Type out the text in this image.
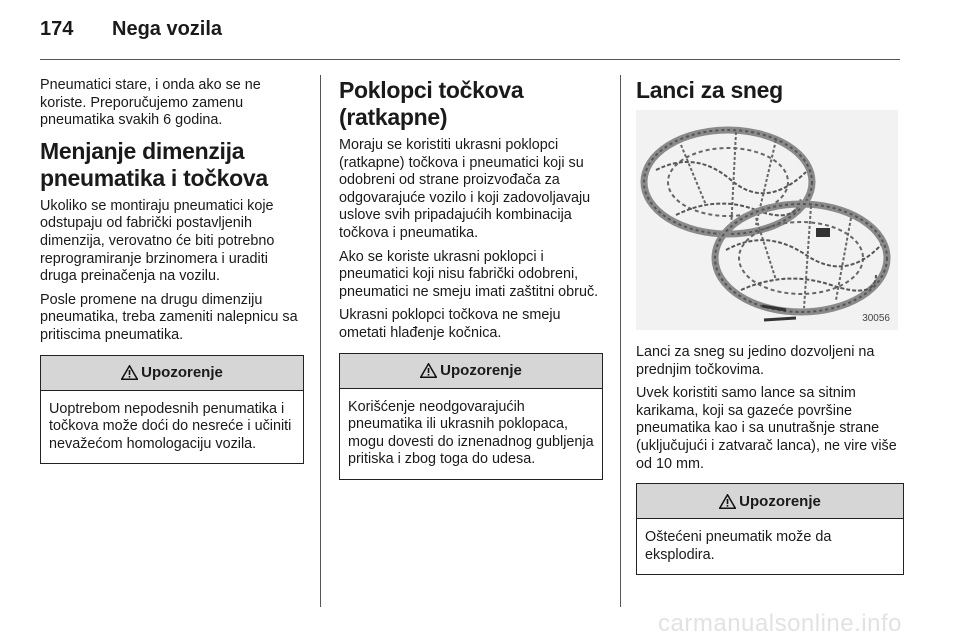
174	Nega vozila

Pneumatici stare, i onda ako se ne koriste. Preporučujemo zamenu pneumatika svakih 6 godina.

Menjanje dimenzija pneumatika i točkova

Ukoliko se montiraju pneumatici koje odstupaju od fabrički postavljenih dimenzija, verovatno će biti potrebno reprogramiranje brzinomera i uraditi druga preinačenja na vozilu.

Posle promene na drugu dimenziju pneumatika, treba zameniti nalepnicu sa pritiscima pneumatika.

Upozorenje

Uoptrebom nepodesnih penumatika i točkova može doći do nesreće i učiniti nevažećom homologaciju vozila.

Poklopci točkova (ratkapne)

Moraju se koristiti ukrasni poklopci (ratkapne) točkova i pneumatici koji su odobreni od strane proizvođača za odgovarajuće vozilo i koji zadovoljavaju uslove svih pripadajućih kombinacija točkova i pneumatika.

Ako se koriste ukrasni poklopci i pneumatici koji nisu fabrički odobreni, pneumatici ne smeju imati zaštitni obruč.

Ukrasni poklopci točkova ne smeju ometati hlađenje kočnica.

Upozorenje

Korišćenje neodgovarajućih pneumatika ili ukrasnih poklopaca, mogu dovesti do iznenadnog gubljenja pritiska i zbog toga do udesa.

Lanci za sneg
30056

Lanci za sneg su jedino dozvoljeni na prednjim točkovima.

Uvek koristiti samo lance sa sitnim karikama, koji sa gazeće površine pneumatika kao i sa unutrašnje strane (uključujući i zatvarač lanca), ne vire više od 10 mm.

Upozorenje

Oštećeni pneumatik može da eksplodira.

carmanualsonline.info
